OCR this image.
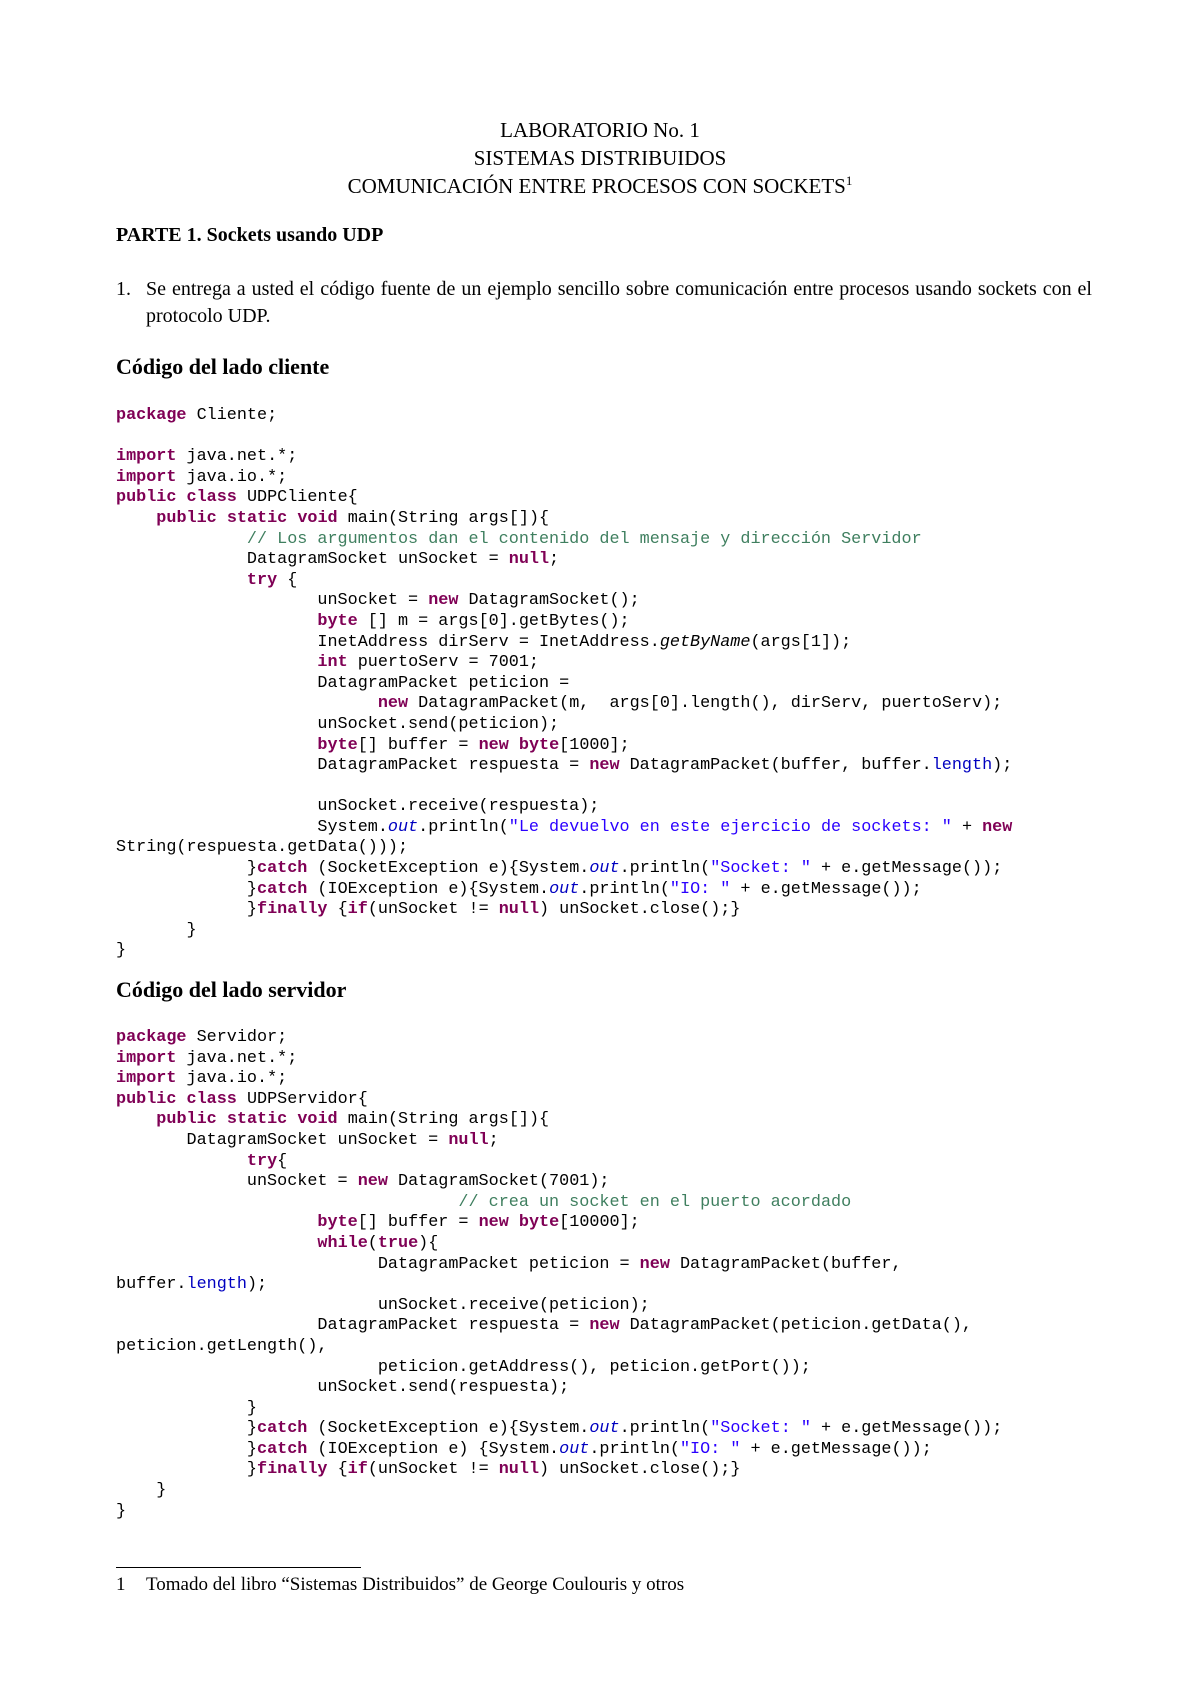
LABORATORIO No. 1
SISTEMAS DISTRIBUIDOS
COMUNICACIÓN ENTRE PROCESOS CON SOCKETS$^1$
PARTE 1. Sockets usando UDP
1. Se entrega a usted el código fuente de un ejemplo sencillo sobre comunicación entre procesos usando sockets con el protocolo UDP.
Código del lado cliente
package Cliente;

import java.net.*;
import java.io.*;
public class UDPCliente{
public static void main(String args[]){
// Los argumentos dan el contenido del mensaje y dirección Servidor
DatagramSocket unSocket = null;
try {
unSocket = new DatagramSocket();
byte [] m = args[0].getBytes();
InetAddress dirServ = InetAddress.getByName(args[1]);
int puertoServ = 7001;
DatagramPacket peticion =
new DatagramPacket(m,  args[0].length(), dirServ, puertoServ);
unSocket.send(peticion);
byte[] buffer = new byte[1000];
DatagramPacket respuesta = new DatagramPacket(buffer, buffer.length);

unSocket.receive(respuesta);
System.out.println("Le devuelvo en este ejercicio de sockets: " + new
String(respuesta.getData()));
}catch (SocketException e){System.out.println("Socket: " + e.getMessage());
}catch (IOException e){System.out.println("IO: " + e.getMessage());
}finally {if(unSocket != null) unSocket.close();}
}
}
Código del lado servidor
package Servidor;
import java.net.*;
import java.io.*;
public class UDPServidor{
public static void main(String args[]){
DatagramSocket unSocket = null;
try{
unSocket = new DatagramSocket(7001);
// crea un socket en el puerto acordado
byte[] buffer = new byte[10000];
while(true){
DatagramPacket peticion = new DatagramPacket(buffer,
buffer.length);
unSocket.receive(peticion);
DatagramPacket respuesta = new DatagramPacket(peticion.getData(),
peticion.getLength(),
peticion.getAddress(), peticion.getPort());
unSocket.send(respuesta);
}
}catch (SocketException e){System.out.println("Socket: " + e.getMessage());
}catch (IOException e) {System.out.println("IO: " + e.getMessage());
}finally {if(unSocket != null) unSocket.close();}
}
}
1 Tomado del libro “Sistemas Distribuidos” de George Coulouris y otros
